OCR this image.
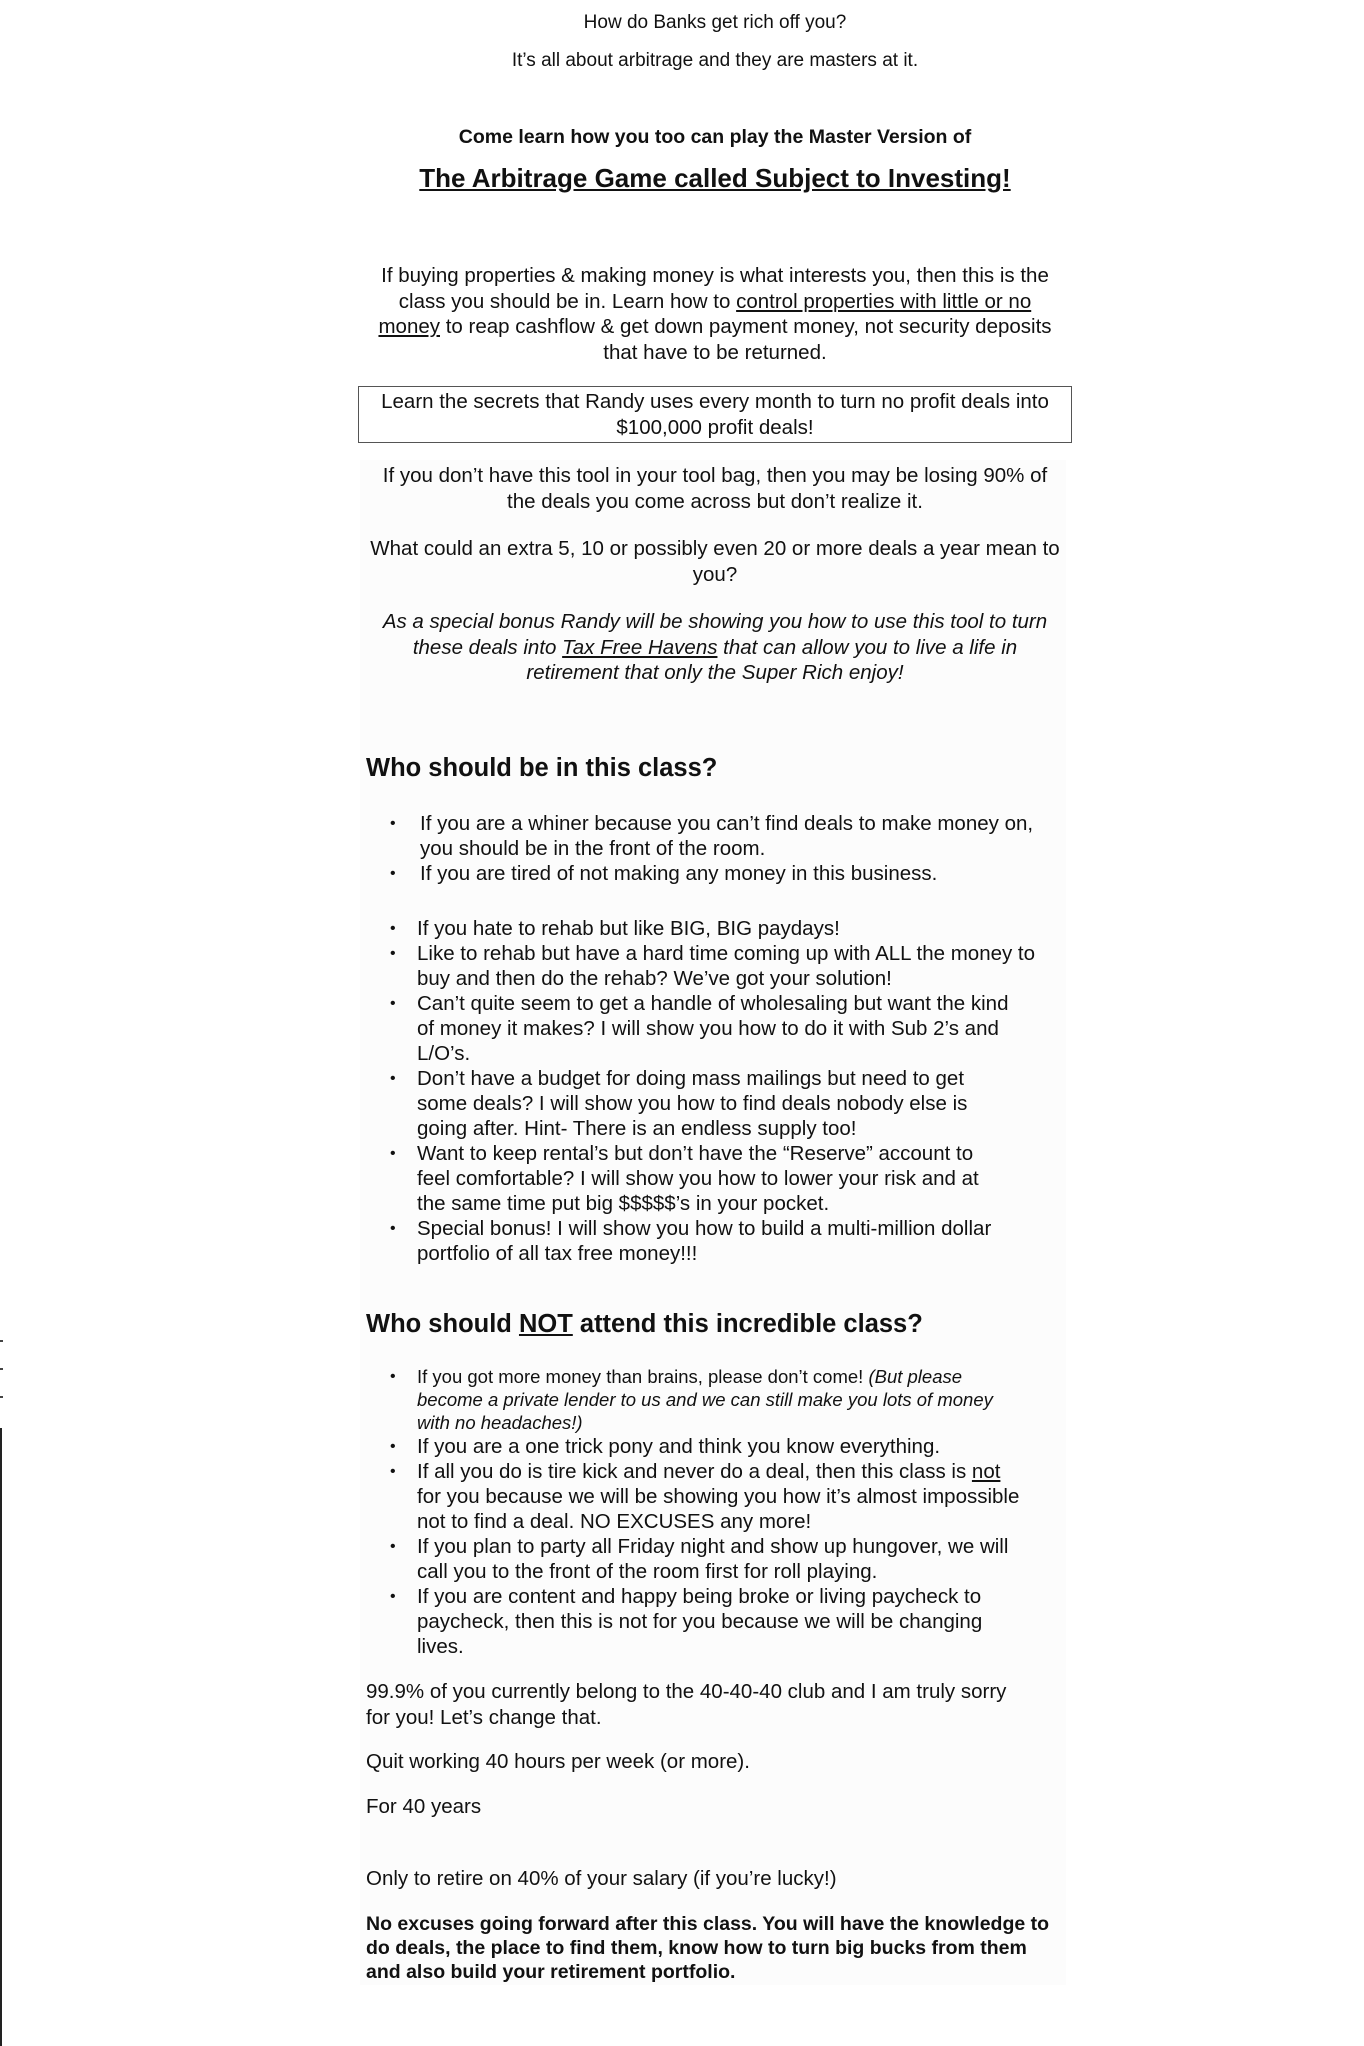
How do Banks get rich off you?

It’s all about arbitrage and they are masters at it.

Come learn how you too can play the Master Version of

The Arbitrage Game called Subject to Investing!

If buying properties & making money is what interests you, then this is the class you should be in. Learn how to control properties with little or no money to reap cashflow & get down payment money, not security deposits that have to be returned.

Learn the secrets that Randy uses every month to turn no profit deals into $100,000 profit deals!

If you don’t have this tool in your tool bag, then you may be losing 90% of the deals you come across but don’t realize it.

What could an extra 5, 10 or possibly even 20 or more deals a year mean to you?

As a special bonus Randy will be showing you how to use this tool to turn these deals into Tax Free Havens that can allow you to live a life in retirement that only the Super Rich enjoy!

Who should be in this class?
• If you are a whiner because you can’t find deals to make money on, you should be in the front of the room.
• If you are tired of not making any money in this business.
• If you hate to rehab but like BIG, BIG paydays!
• Like to rehab but have a hard time coming up with ALL the money to buy and then do the rehab? We’ve got your solution!
• Can’t quite seem to get a handle of wholesaling but want the kind of money it makes? I will show you how to do it with Sub 2’s and L/O’s.
• Don’t have a budget for doing mass mailings but need to get some deals? I will show you how to find deals nobody else is going after. Hint- There is an endless supply too!
• Want to keep rental’s but don’t have the “Reserve” account to feel comfortable? I will show you how to lower your risk and at the same time put big $$$$$’s in your pocket.
• Special bonus! I will show you how to build a multi-million dollar portfolio of all tax free money!!!
Who should NOT attend this incredible class?
• If you got more money than brains, please don’t come! (But please become a private lender to us and we can still make you lots of money with no headaches!)
• If you are a one trick pony and think you know everything.
• If all you do is tire kick and never do a deal, then this class is not for you because we will be showing you how it’s almost impossible not to find a deal. NO EXCUSES any more!
• If you plan to party all Friday night and show up hungover, we will call you to the front of the room first for roll playing.
• If you are content and happy being broke or living paycheck to paycheck, then this is not for you because we will be changing lives.

99.9% of you currently belong to the 40-40-40 club and I am truly sorry for you! Let’s change that.

Quit working 40 hours per week (or more).

For 40 years

Only to retire on 40% of your salary (if you’re lucky!)

No excuses going forward after this class. You will have the knowledge to do deals, the place to find them, know how to turn big bucks from them and also build your retirement portfolio.
